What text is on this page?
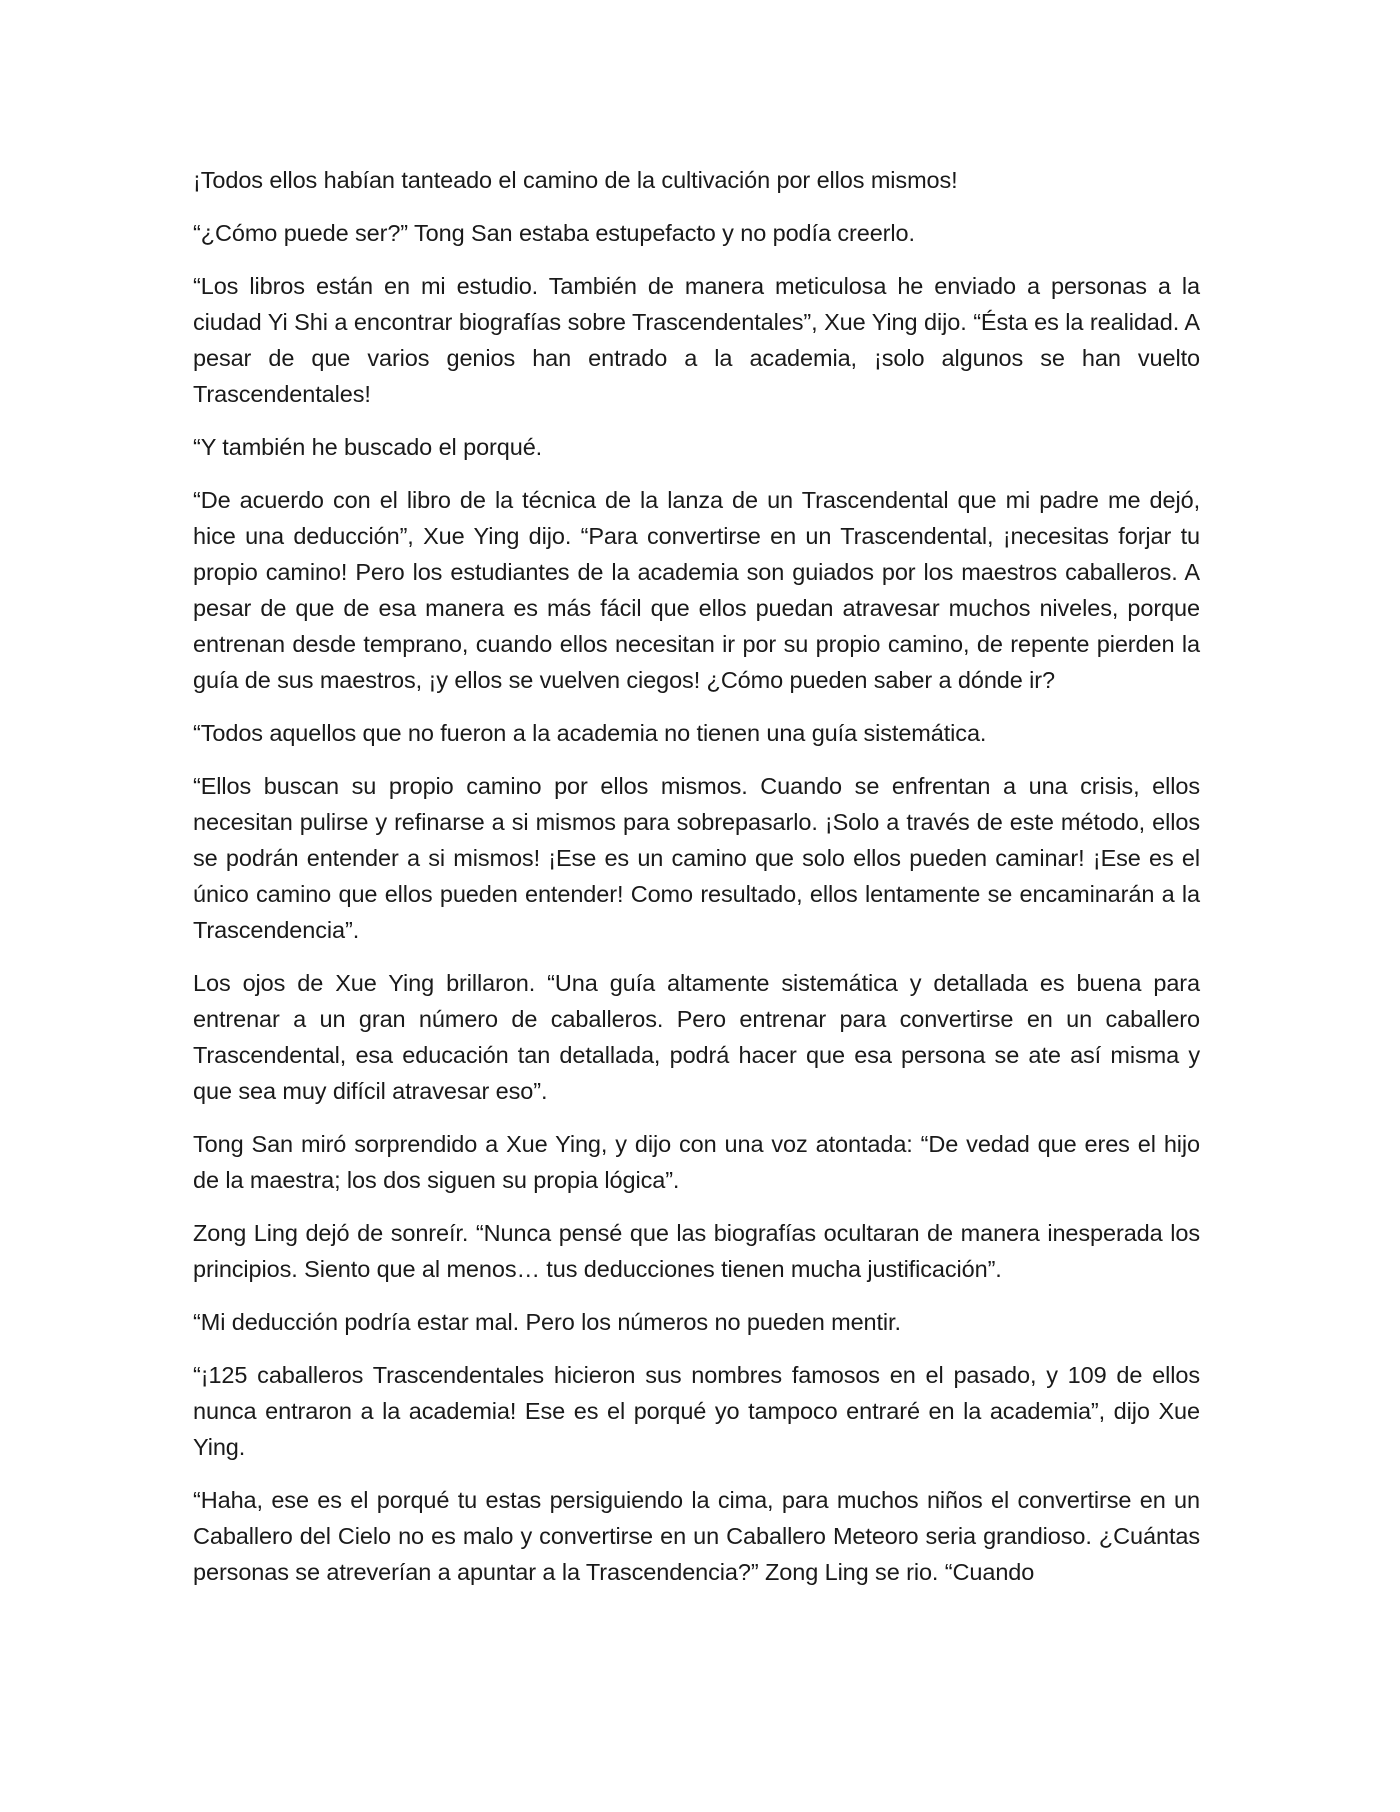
¡Todos ellos habían tanteado el camino de la cultivación por ellos mismos!

“¿Cómo puede ser?” Tong San estaba estupefacto y no podía creerlo.

“Los libros están en mi estudio. También de manera meticulosa he enviado a personas a la ciudad Yi Shi a encontrar biografías sobre Trascendentales”, Xue Ying dijo. “Ésta es la realidad. A pesar de que varios genios han entrado a la academia, ¡solo algunos se han vuelto Trascendentales!

“Y también he buscado el porqué.

“De acuerdo con el libro de la técnica de la lanza de un Trascendental que mi padre me dejó, hice una deducción”, Xue Ying dijo. “Para convertirse en un Trascendental, ¡necesitas forjar tu propio camino! Pero los estudiantes de la academia son guiados por los maestros caballeros. A pesar de que de esa manera es más fácil que ellos puedan atravesar muchos niveles, porque entrenan desde temprano, cuando ellos necesitan ir por su propio camino, de repente pierden la guía de sus maestros, ¡y ellos se vuelven ciegos! ¿Cómo pueden saber a dónde ir?

“Todos aquellos que no fueron a la academia no tienen una guía sistemática.

“Ellos buscan su propio camino por ellos mismos. Cuando se enfrentan a una crisis, ellos necesitan pulirse y refinarse a si mismos para sobrepasarlo. ¡Solo a través de este método, ellos se podrán entender a si mismos! ¡Ese es un camino que solo ellos pueden caminar! ¡Ese es el único camino que ellos pueden entender! Como resultado, ellos lentamente se encaminarán a la Trascendencia”.

Los ojos de Xue Ying brillaron. “Una guía altamente sistemática y detallada es buena para entrenar a un gran número de caballeros. Pero entrenar para convertirse en un caballero Trascendental, esa educación tan detallada, podrá hacer que esa persona se ate así misma y que sea muy difícil atravesar eso”.

Tong San miró sorprendido a Xue Ying, y dijo con una voz atontada: “De vedad que eres el hijo de la maestra; los dos siguen su propia lógica”.

Zong Ling dejó de sonreír. “Nunca pensé que las biografías ocultaran de manera inesperada los principios. Siento que al menos… tus deducciones tienen mucha justificación”.

“Mi deducción podría estar mal. Pero los números no pueden mentir.

“¡125 caballeros Trascendentales hicieron sus nombres famosos en el pasado, y 109 de ellos nunca entraron a la academia! Ese es el porqué yo tampoco entraré en la academia”, dijo Xue Ying.

“Haha, ese es el porqué tu estas persiguiendo la cima, para muchos niños el convertirse en un Caballero del Cielo no es malo y convertirse en un Caballero Meteoro seria grandioso. ¿Cuántas personas se atreverían a apuntar a la Trascendencia?” Zong Ling se rio. “Cuando
